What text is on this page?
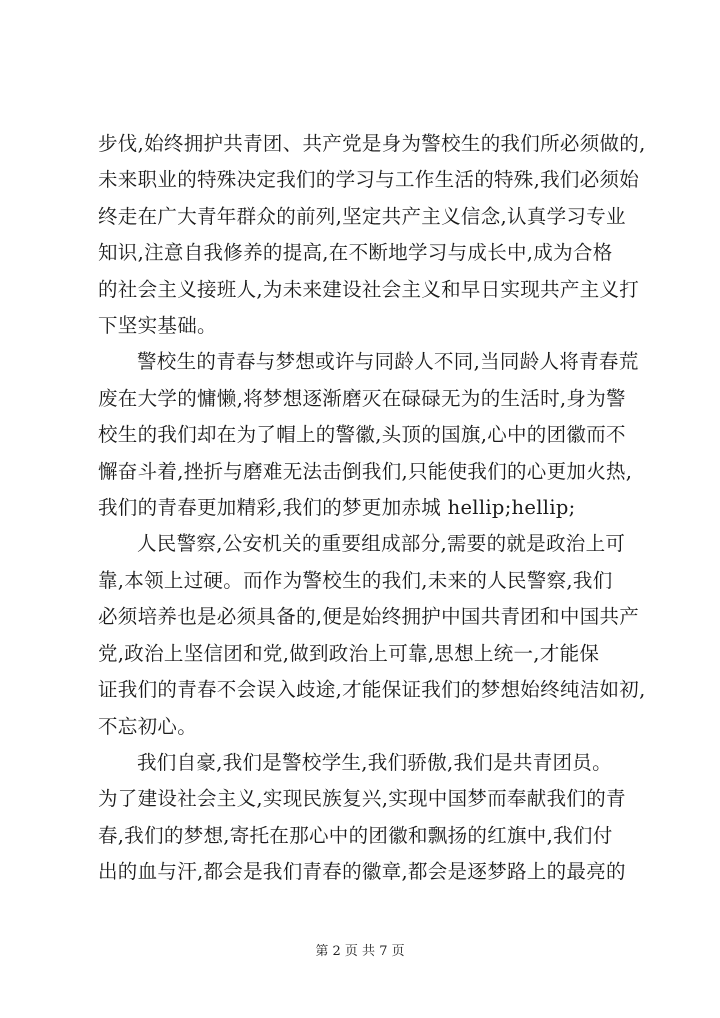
步伐,始终拥护共青团、共产党是身为警校生的我们所必须做的,
未来职业的特殊决定我们的学习与工作生活的特殊,我们必须始
终走在广大青年群众的前列,坚定共产主义信念,认真学习专业
知识,注意自我修养的提高,在不断地学习与成长中,成为合格
的社会主义接班人,为未来建设社会主义和早日实现共产主义打
下坚实基础。

警校生的青春与梦想或许与同龄人不同,当同龄人将青春荒
废在大学的慵懒,将梦想逐渐磨灭在碌碌无为的生活时,身为警
校生的我们却在为了帽上的警徽,头顶的国旗,心中的团徽而不
懈奋斗着,挫折与磨难无法击倒我们,只能使我们的心更加火热,
我们的青春更加精彩,我们的梦更加赤城 hellip;hellip;

人民警察,公安机关的重要组成部分,需要的就是政治上可
靠,本领上过硬。而作为警校生的我们,未来的人民警察,我们
必须培养也是必须具备的,便是始终拥护中国共青团和中国共产
党,政治上坚信团和党,做到政治上可靠,思想上统一,才能保
证我们的青春不会误入歧途,才能保证我们的梦想始终纯洁如初,
不忘初心。

我们自豪,我们是警校学生,我们骄傲,我们是共青团员。
为了建设社会主义,实现民族复兴,实现中国梦而奉献我们的青
春,我们的梦想,寄托在那心中的团徽和飘扬的红旗中,我们付
出的血与汗,都会是我们青春的徽章,都会是逐梦路上的最亮的

第 2 页 共 7 页
